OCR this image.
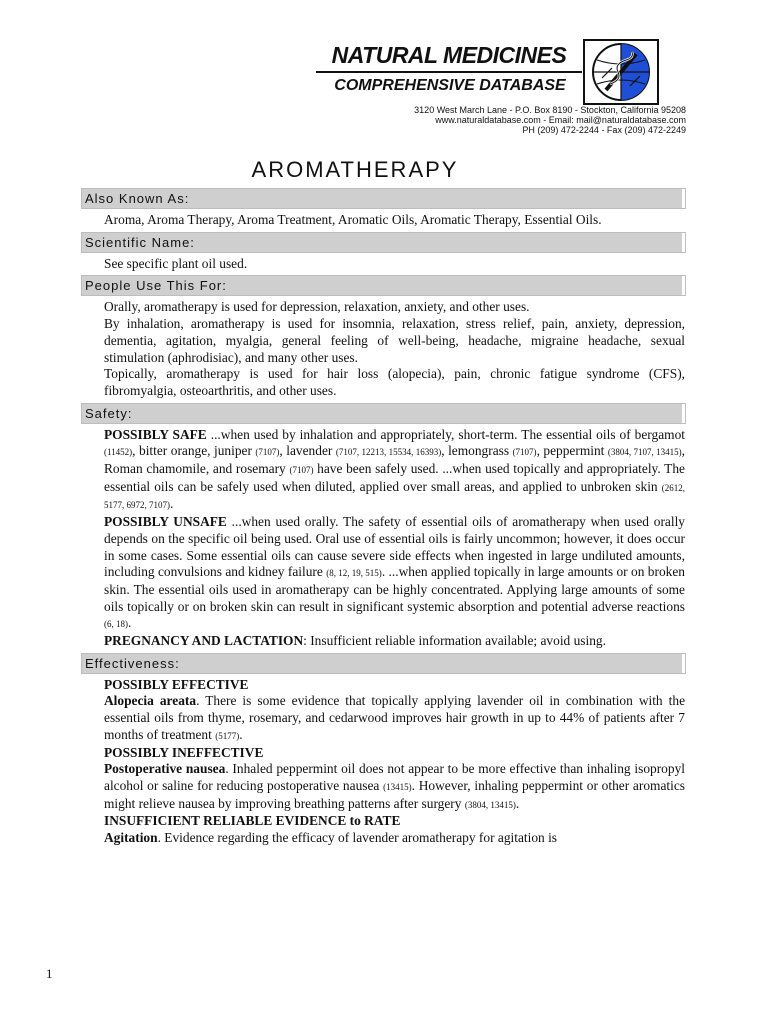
NATURAL MEDICINES
COMPREHENSIVE DATABASE
3120 West March Lane - P.O. Box 8190 - Stockton, California 95208
www.naturaldatabase.com - Email: mail@naturaldatabase.com
PH (209) 472-2244 - Fax (209) 472-2249
AROMATHERAPY
Also Known As:

Aroma, Aroma Therapy, Aroma Treatment, Aromatic Oils, Aromatic Therapy, Essential Oils.

Scientific Name:

See specific plant oil used.

People Use This For:

Orally, aromatherapy is used for depression, relaxation, anxiety, and other uses.

By inhalation, aromatherapy is used for insomnia, relaxation, stress relief, pain, anxiety, depression, dementia, agitation, myalgia, general feeling of well-being, headache, migraine headache, sexual stimulation (aphrodisiac), and many other uses.

Topically, aromatherapy is used for hair loss (alopecia), pain, chronic fatigue syndrome (CFS), fibromyalgia, osteoarthritis, and other uses.

Safety:

POSSIBLY SAFE ...when used by inhalation and appropriately, short-term. The essential oils of bergamot (11452), bitter orange, juniper (7107), lavender (7107, 12213, 15534, 16393), lemongrass (7107), peppermint (3804, 7107, 13415), Roman chamomile, and rosemary (7107) have been safely used. ...when used topically and appropriately. The essential oils can be safely used when diluted, applied over small areas, and applied to unbroken skin (2612, 5177, 6972, 7107).

POSSIBLY UNSAFE ...when used orally. The safety of essential oils of aromatherapy when used orally depends on the specific oil being used. Oral use of essential oils is fairly uncommon; however, it does occur in some cases. Some essential oils can cause severe side effects when ingested in large undiluted amounts, including convulsions and kidney failure (8, 12, 19, 515). ...when applied topically in large amounts or on broken skin. The essential oils used in aromatherapy can be highly concentrated. Applying large amounts of some oils topically or on broken skin can result in significant systemic absorption and potential adverse reactions (6, 18).

PREGNANCY AND LACTATION: Insufficient reliable information available; avoid using.

Effectiveness:

POSSIBLY EFFECTIVE

Alopecia areata. There is some evidence that topically applying lavender oil in combination with the essential oils from thyme, rosemary, and cedarwood improves hair growth in up to 44% of patients after 7 months of treatment (5177).

POSSIBLY INEFFECTIVE

Postoperative nausea. Inhaled peppermint oil does not appear to be more effective than inhaling isopropyl alcohol or saline for reducing postoperative nausea (13415). However, inhaling peppermint or other aromatics might relieve nausea by improving breathing patterns after surgery (3804, 13415).

INSUFFICIENT RELIABLE EVIDENCE to RATE

Agitation. Evidence regarding the efficacy of lavender aromatherapy for agitation is

1
